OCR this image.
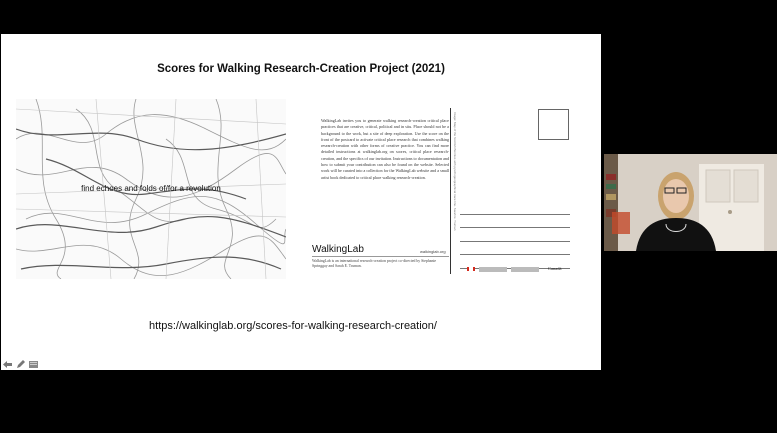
Scores for Walking Research-Creation Project (2021)
find echoes and folds of/for a revolution
WalkingLab invites you to generate walking research-creation critical place practices that are creative, critical, political and in situ. Place should not be a background to the work, but a site of deep exploration. Use the score on the front of the postcard to activate critical place research that combines walking research-creation with other forms of creative practice. You can find more detailed instructions at walkinglab.org on scores, critical place research-creation, and the specifics of our invitation. Instructions to documentation and how to submit your contribution can also be found on the website. Selected work will be curated into a collection for the WalkingLab website and a small artist book dedicated to critical place walking research-creation.
WalkingLab	walkinglab.org
WalkingLab is an international research-creation project co-directed by Stephanie Springgay and Sarah E. Truman.
Image: Map of the Scottish Bennies with pyschogeographical trace line. Sarah E. Truman
Canadä
https://walkinglab.org/scores-for-walking-research-creation/
